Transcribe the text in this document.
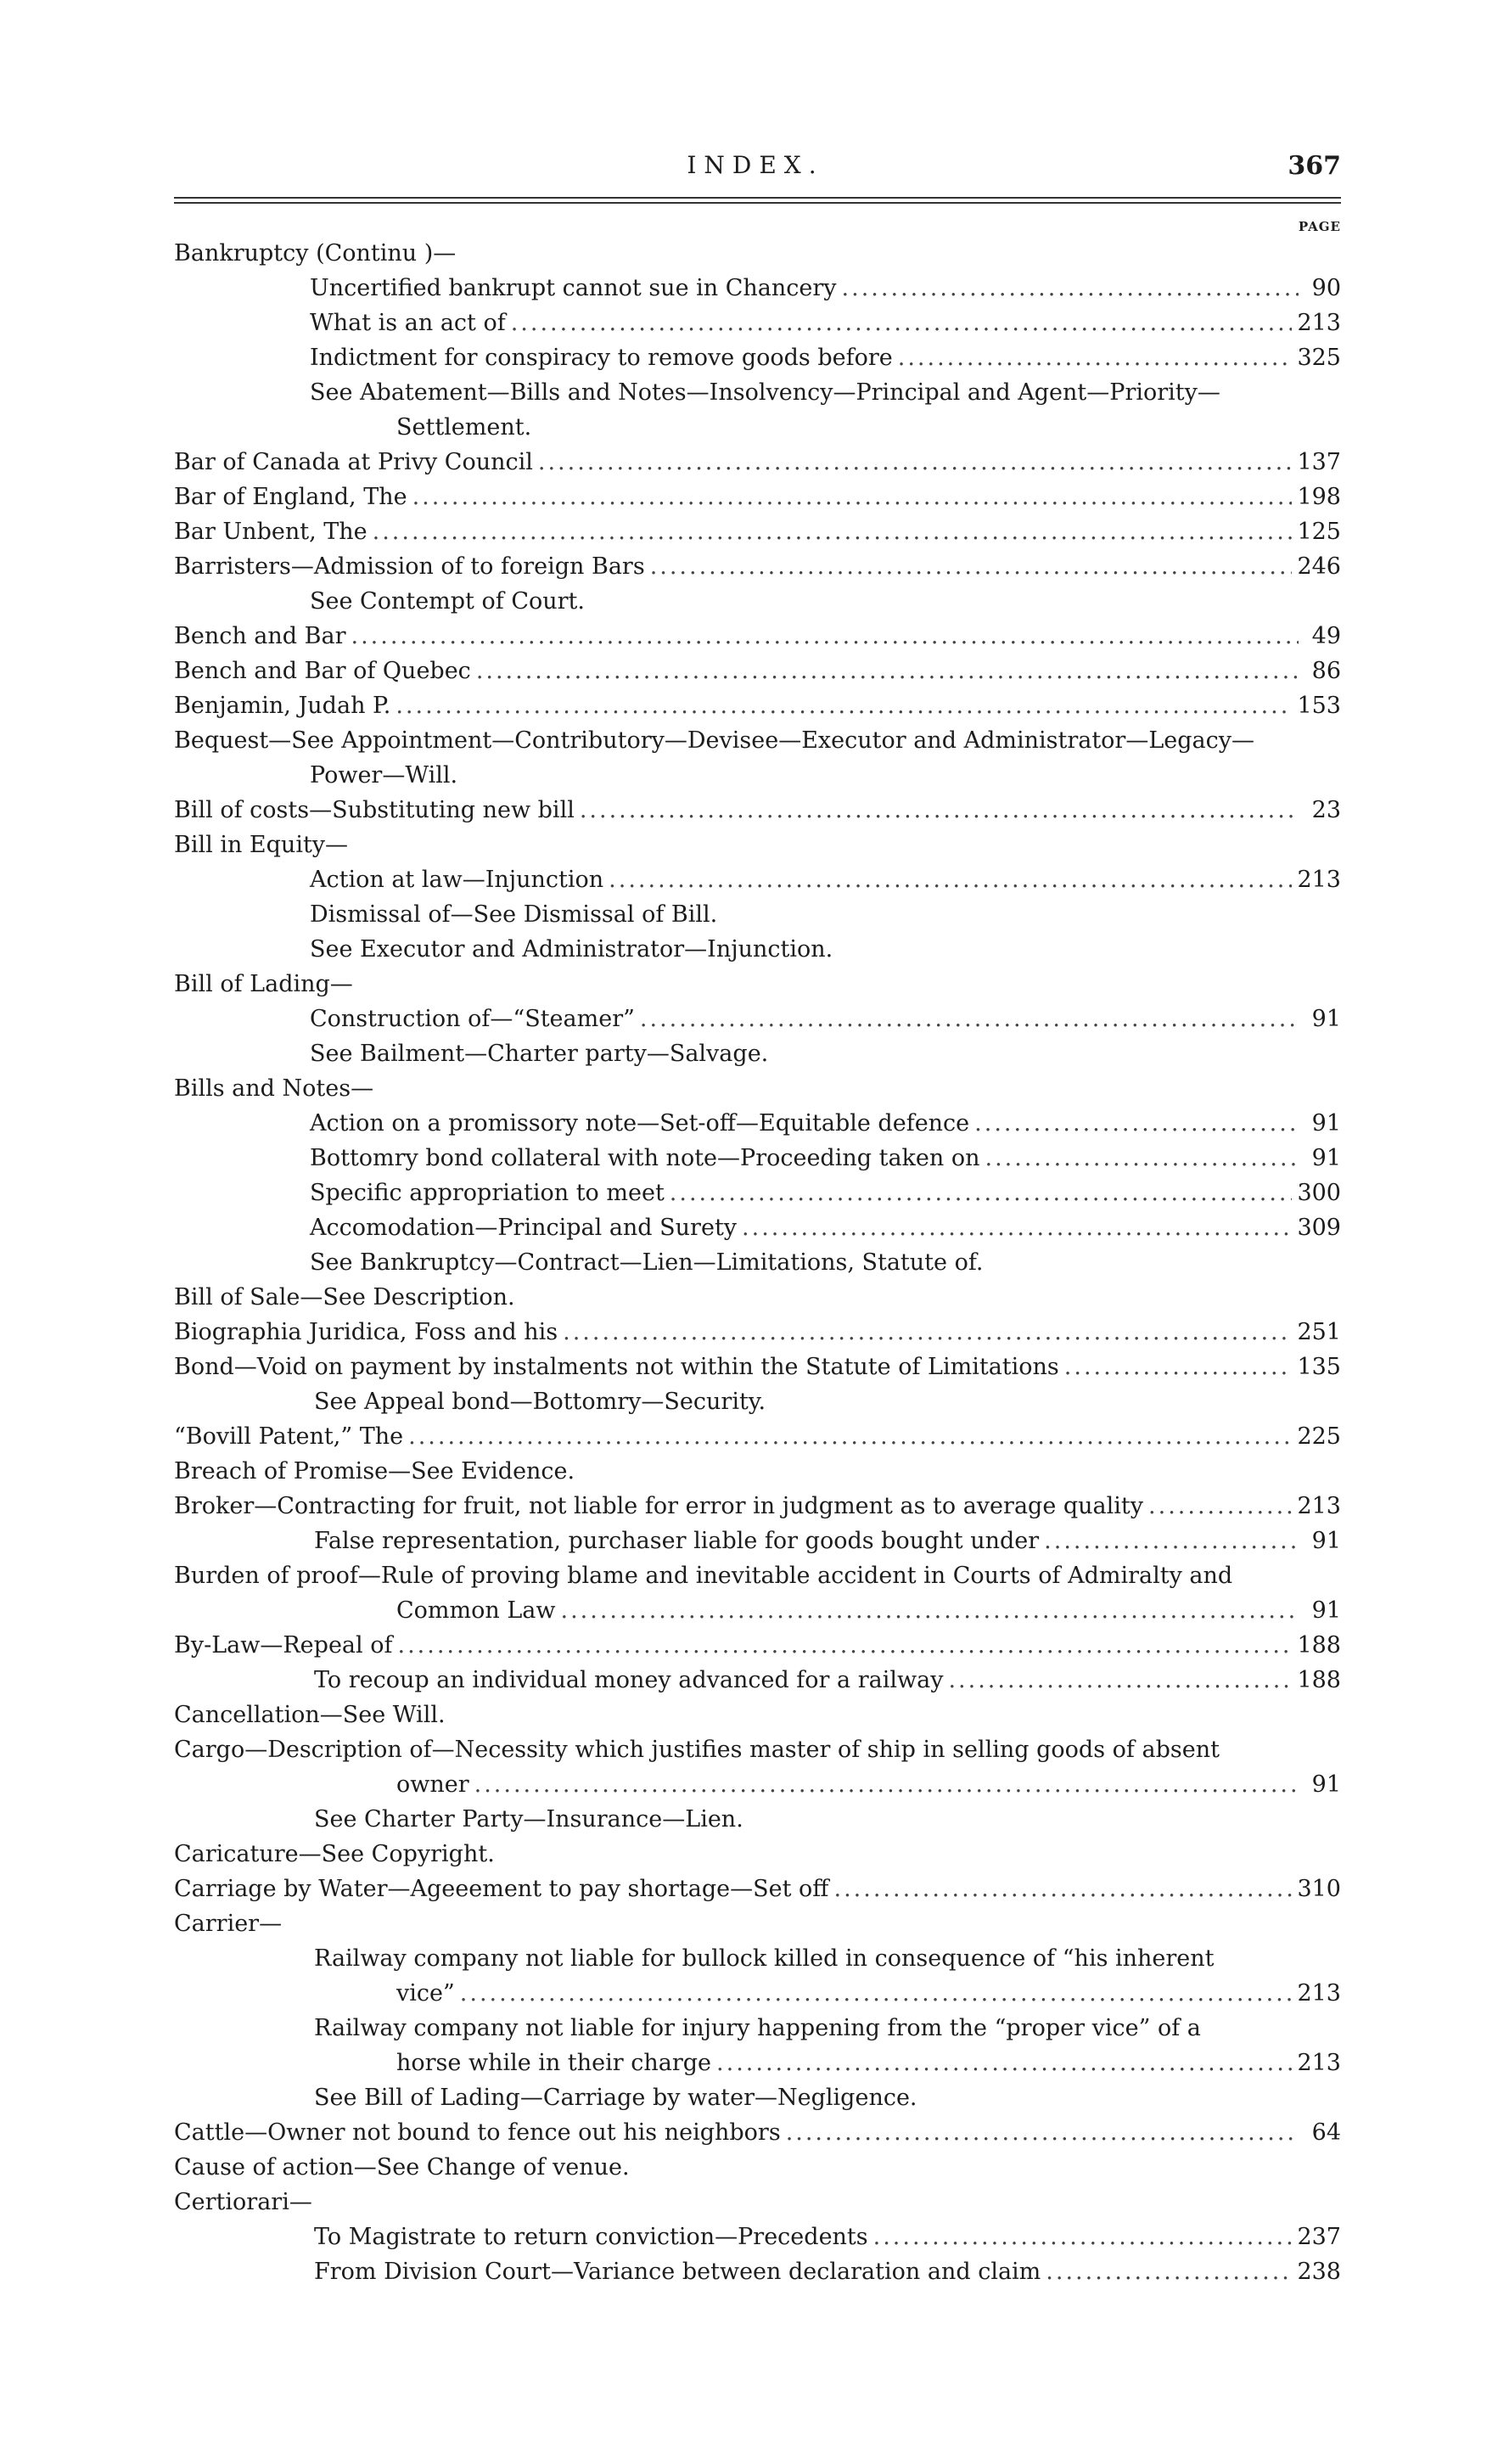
INDEX.	367
PAGE
Bankruptcy (Continu )—
Uncertified bankrupt cannot sue in Chancery .....	90
What is an act of .....	213
Indictment for conspiracy to remove goods before .....	325
See Abatement—Bills and Notes—Insolvency—Principal and Agent—Priority—
Settlement.
Bar of Canada at Privy Council .....	137
Bar of England, The .....	198
Bar Unbent, The .....	125
Barristers—Admission of to foreign Bars .....	246
See Contempt of Court.
Bench and Bar .....	49
Bench and Bar of Quebec .....	86
Benjamin, Judah P. .....	153
Bequest—See Appointment—Contributory—Devisee—Executor and Administrator—Legacy—
Power—Will.
Bill of costs—Substituting new bill .....	23
Bill in Equity—
Action at law—Injunction .....	213
Dismissal of—See Dismissal of Bill.
See Executor and Administrator—Injunction.
Bill of Lading—
Construction of—“Steamer” .....	91
See Bailment—Charter party—Salvage.
Bills and Notes—
Action on a promissory note—Set-off—Equitable defence .....	91
Bottomry bond collateral with note—Proceeding taken on .....	91
Specific appropriation to meet .....	300
Accomodation—Principal and Surety .....	309
See Bankruptcy—Contract—Lien—Limitations, Statute of.
Bill of Sale—See Description.
Biographia Juridica, Foss and his .....	251
Bond—Void on payment by instalments not within the Statute of Limitations .....	135
See Appeal bond—Bottomry—Security.
“Bovill Patent,” The .....	225
Breach of Promise—See Evidence.
Broker—Contracting for fruit, not liable for error in judgment as to average quality .....	213
False representation, purchaser liable for goods bought under .....	91
Burden of proof—Rule of proving blame and inevitable accident in Courts of Admiralty and
Common Law .....	91
By-Law—Repeal of .....	188
To recoup an individual money advanced for a railway .....	188
Cancellation—See Will.
Cargo—Description of—Necessity which justifies master of ship in selling goods of absent
owner .....	91
See Charter Party—Insurance—Lien.
Caricature—See Copyright.
Carriage by Water—Ageeement to pay shortage—Set off .....	310
Carrier—
Railway company not liable for bullock killed in consequence of “his inherent
vice” .....	213
Railway company not liable for injury happening from the “proper vice” of a
horse while in their charge .....	213
See Bill of Lading—Carriage by water—Negligence.
Cattle—Owner not bound to fence out his neighbors .....	64
Cause of action—See Change of venue.
Certiorari—
To Magistrate to return conviction—Precedents .....	237
From Division Court—Variance between declaration and claim .....	238
